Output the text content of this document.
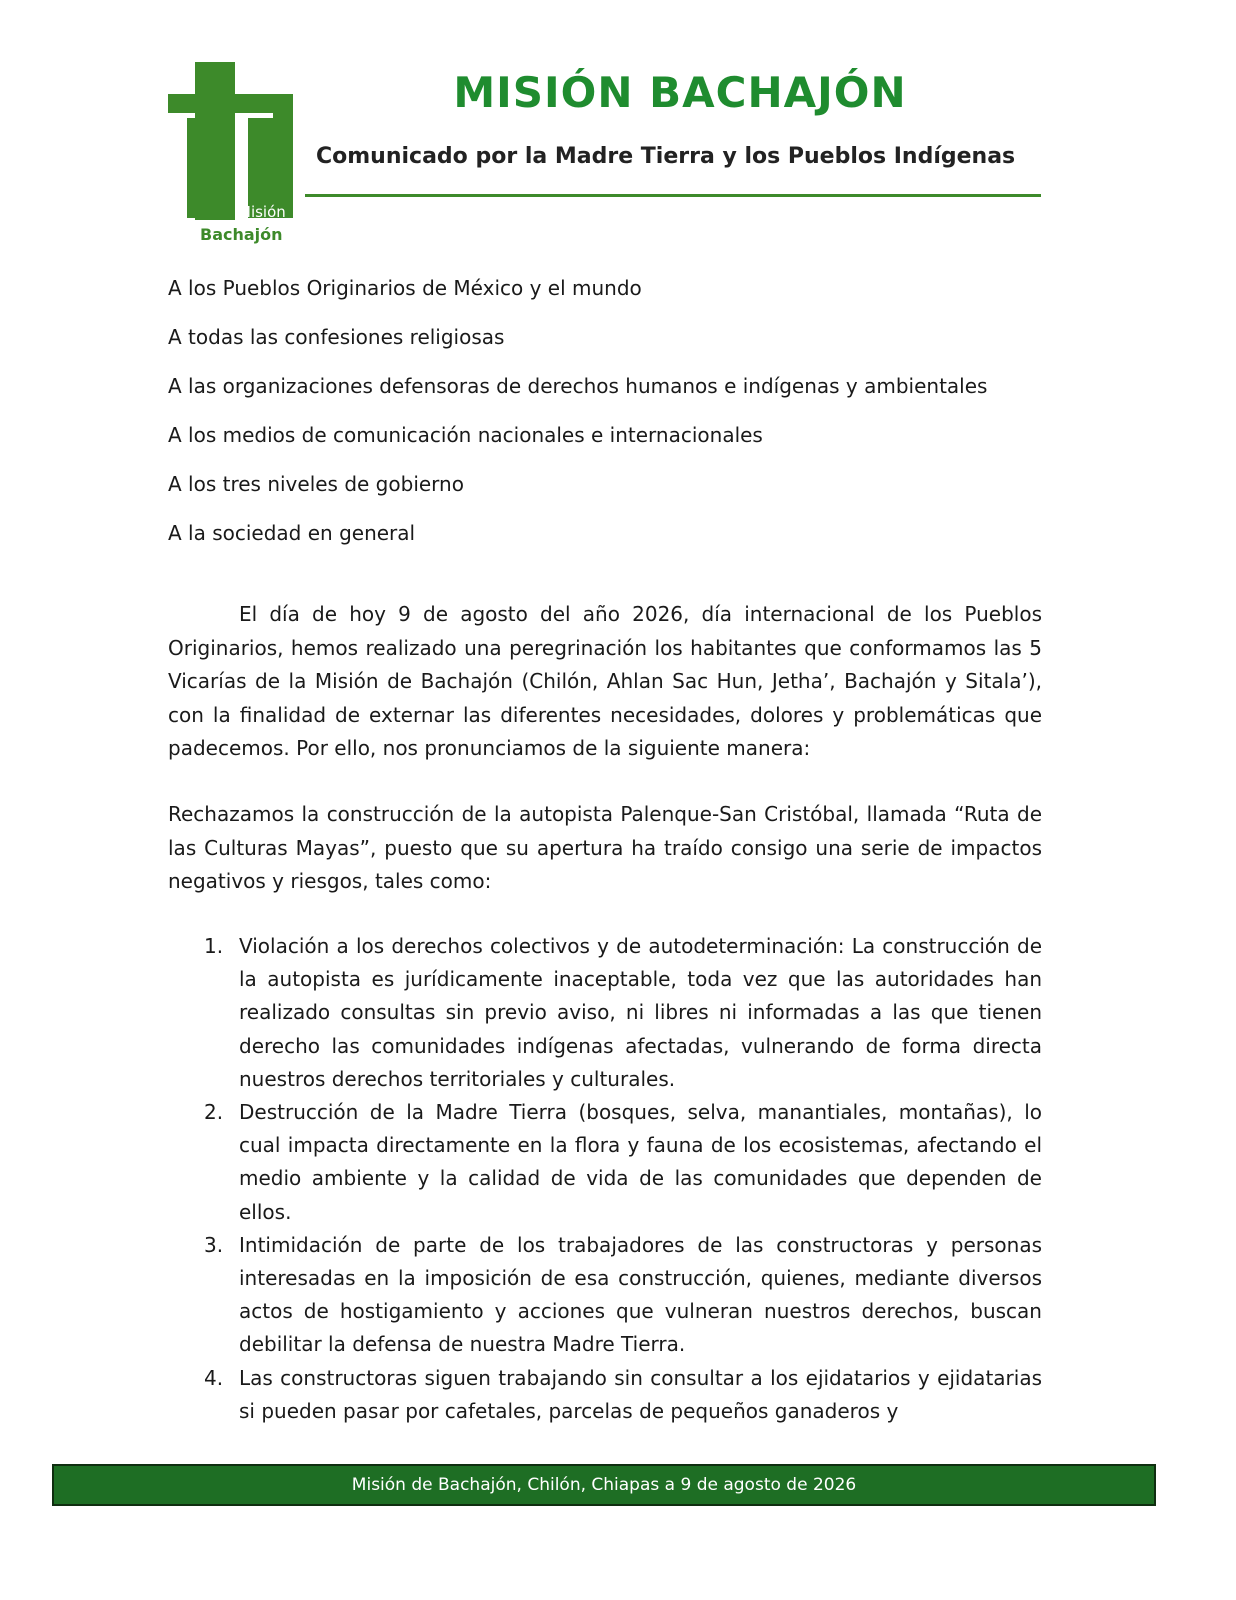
Misión
Bachajón
MISIÓN BACHAJÓN
Comunicado por la Madre Tierra y los Pueblos Indígenas
A los Pueblos Originarios de México y el mundo
A todas las confesiones religiosas
A las organizaciones defensoras de derechos humanos e indígenas y ambientales
A los medios de comunicación nacionales e internacionales
A los tres niveles de gobierno
A la sociedad en general

El día de hoy 9 de agosto del año 2026, día internacional de los Pueblos Originarios, hemos realizado una peregrinación los habitantes que conformamos las 5 Vicarías de la Misión de Bachajón (Chilón, Ahlan Sac Hun, Jetha’, Bachajón y Sitala’), con la finalidad de externar las diferentes necesidades, dolores y problemáticas que padecemos. Por ello, nos pronunciamos de la siguiente manera:

Rechazamos la construcción de la autopista Palenque-San Cristóbal, llamada “Ruta de las Culturas Mayas”, puesto que su apertura ha traído consigo una serie de impactos negativos y riesgos, tales como:

1. Violación a los derechos colectivos y de autodeterminación: La construcción de la autopista es jurídicamente inaceptable, toda vez que las autoridades han realizado consultas sin previo aviso, ni libres ni informadas a las que tienen derecho las comunidades indígenas afectadas, vulnerando de forma directa nuestros derechos territoriales y culturales.
2. Destrucción de la Madre Tierra (bosques, selva, manantiales, montañas), lo cual impacta directamente en la flora y fauna de los ecosistemas, afectando el medio ambiente y la calidad de vida de las comunidades que dependen de ellos.
3. Intimidación de parte de los trabajadores de las constructoras y personas interesadas en la imposición de esa construcción, quienes, mediante diversos actos de hostigamiento y acciones que vulneran nuestros derechos, buscan debilitar la defensa de nuestra Madre Tierra.
4. Las constructoras siguen trabajando sin consultar a los ejidatarios y ejidatarias si pueden pasar por cafetales, parcelas de pequeños ganaderos y
Misión de Bachajón, Chilón, Chiapas a 9 de agosto de 2026
